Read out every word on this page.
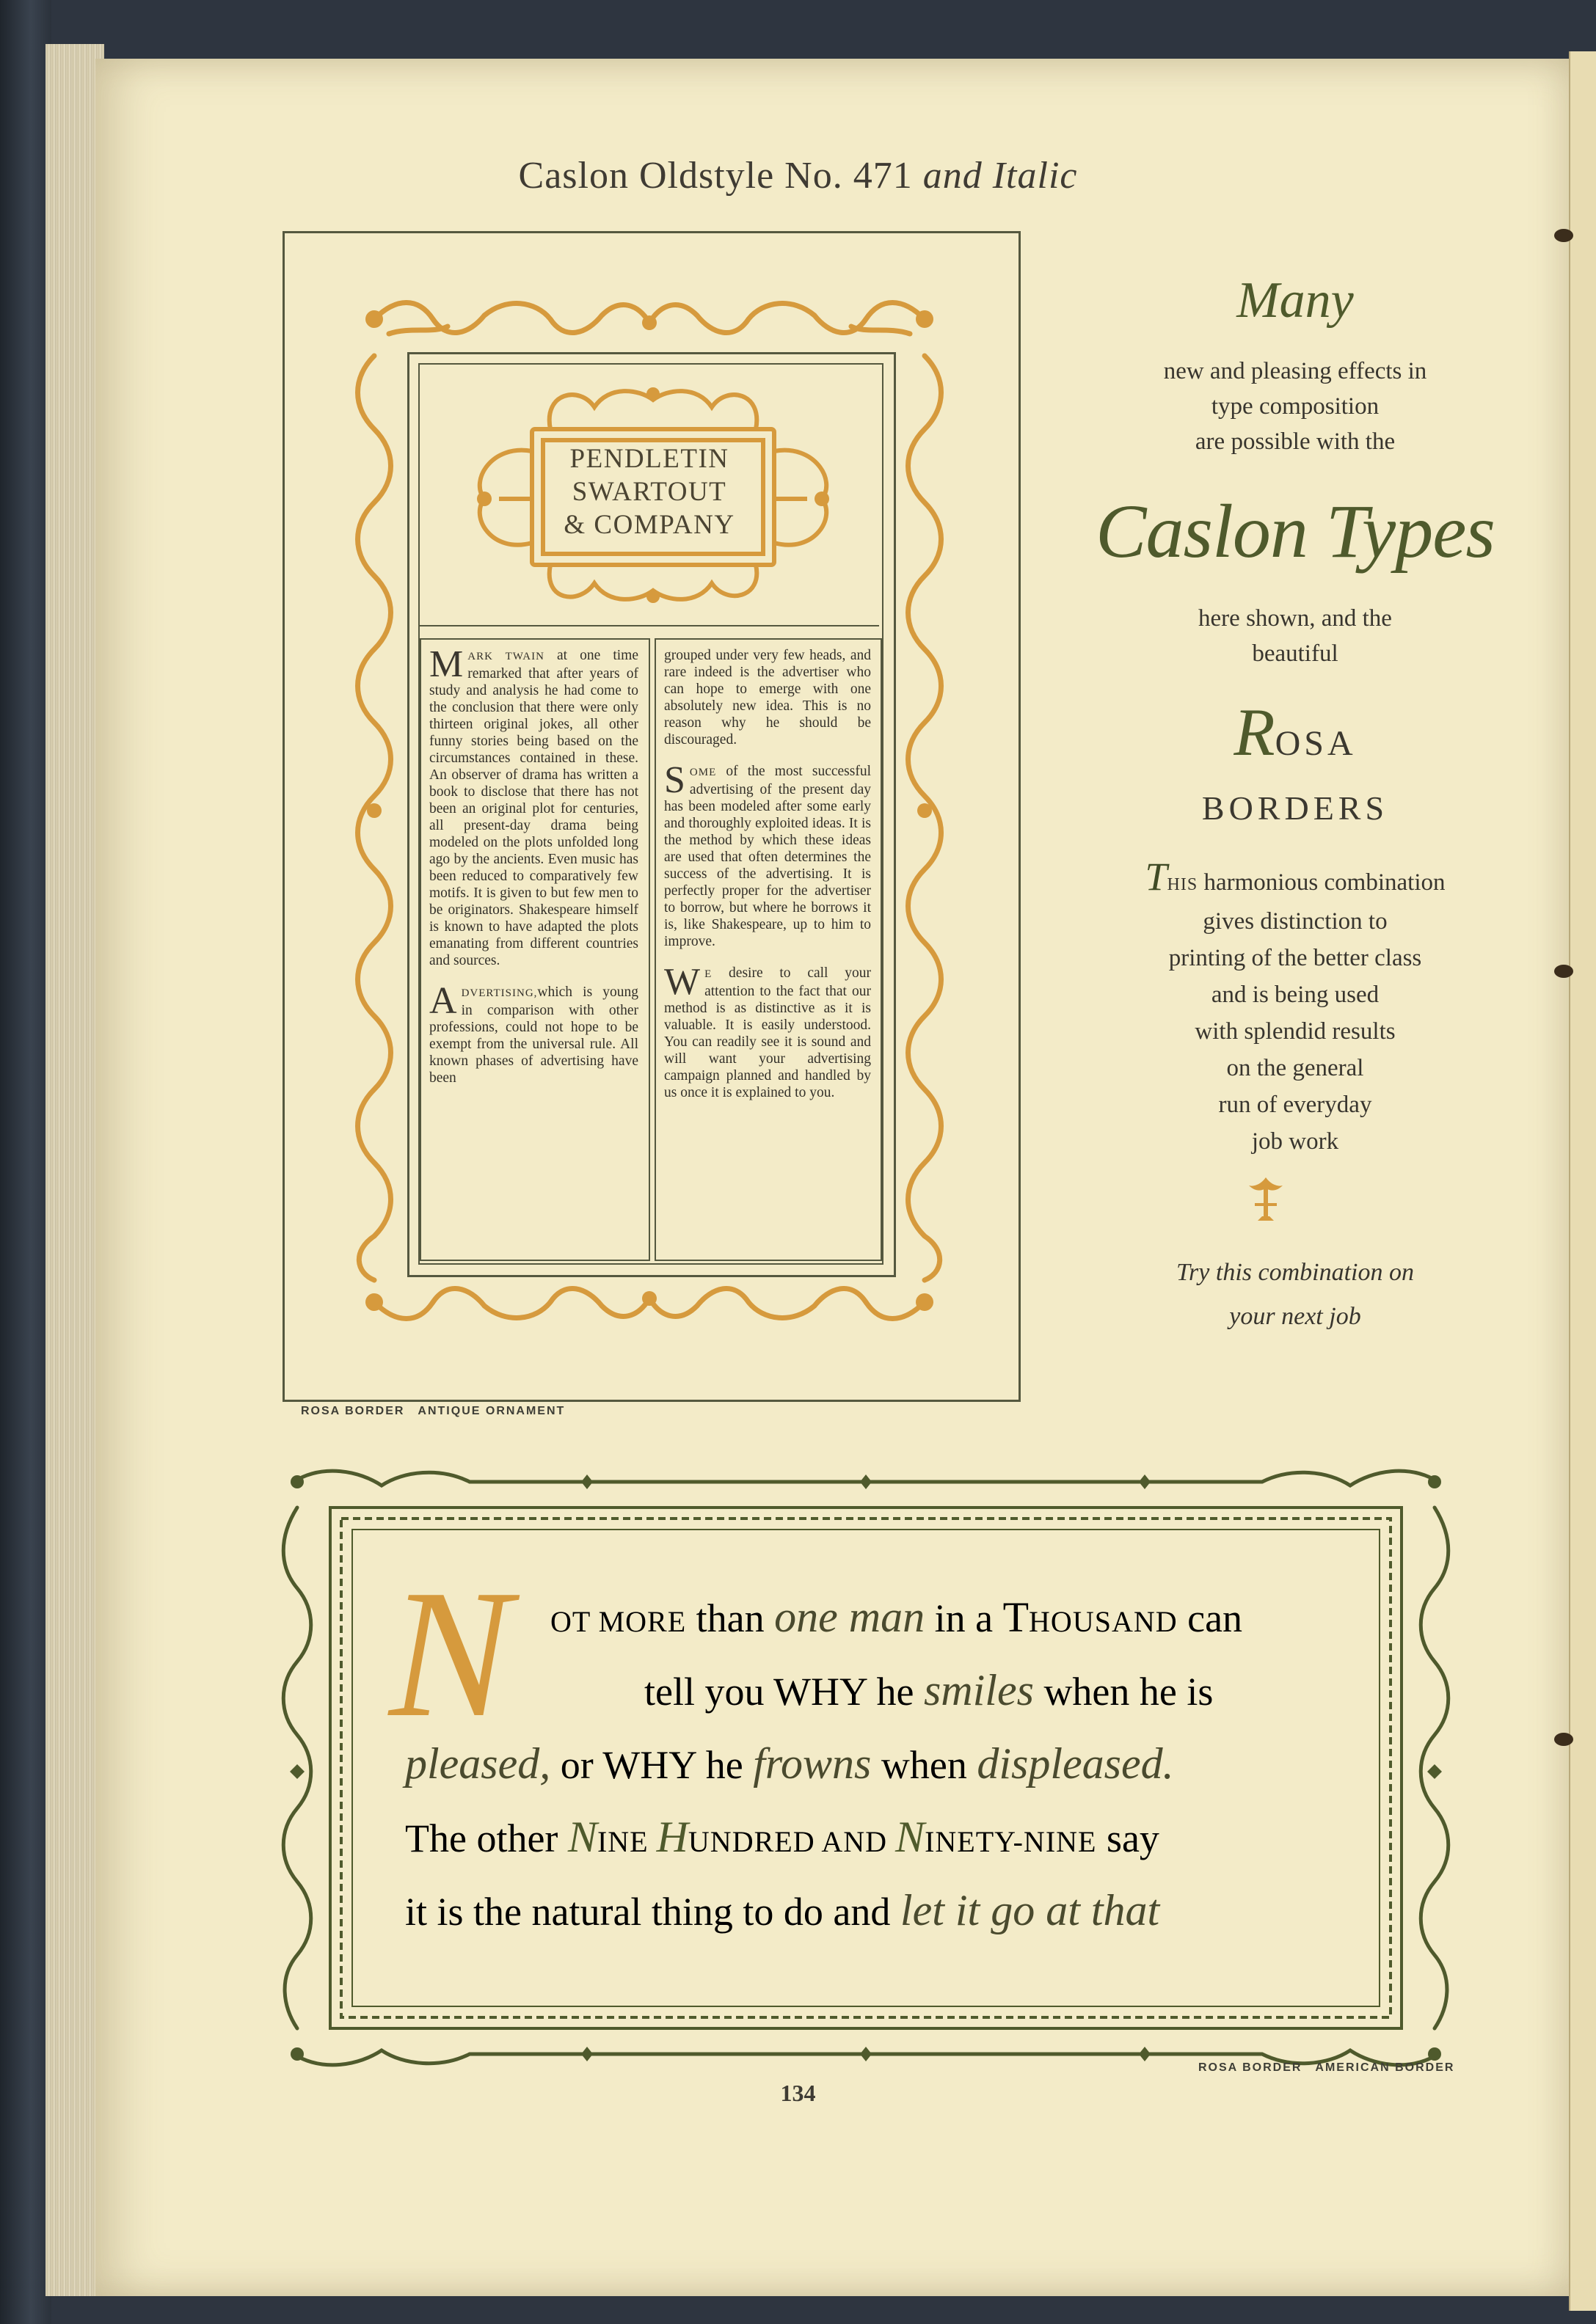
Caslon Oldstyle No. 471 and Italic
PENDLETIN
SWARTOUT
& COMPANY

MARK TWAIN at one time remarked that after years of study and analysis he had come to the conclusion that there were only thirteen original jokes, all other funny stories being based on the circumstances contained in these. An observer of drama has written a book to disclose that there has not been an original plot for centuries, all present-day drama being modeled on the plots unfolded long ago by the ancients. Even music has been reduced to comparatively few motifs. It is given to but few men to be originators. Shakespeare himself is known to have adapted the plots emanating from different countries and sources.

ADVERTISING,which is young in comparison with other professions, could not hope to be exempt from the universal rule. All known phases of advertising have been

grouped under very few heads, and rare indeed is the advertiser who can hope to emerge with one absolutely new idea. This is no reason why he should be discouraged.

SOME of the most successful advertising of the present day has been modeled after some early and thoroughly exploited ideas. It is the method by which these ideas are used that often determines the success of the advertising. It is perfectly proper for the advertiser to borrow, but where he borrows it is, like Shakespeare, up to him to improve.

W E desire to call your attention to the fact that our method is as distinctive as it is valuable. It is easily understood. You can readily see it is sound and will want your advertising campaign planned and handled by us once it is explained to you.

ROSA BORDER ANTIQUE ORNAMENT
Many
new and pleasing effects in
type composition
are possible with the
Caslon Types
here shown, and the
beautiful
ROSA
BORDERS
THIS harmonious combination
gives distinction to
printing of the better class
and is being used
with splendid results
on the general
run of everyday
job work
Try this combination on
your next job
N OT MORE than one man in a THOUSAND can
tell you WHY he smiles when he is
pleased, or WHY he frowns when displeased.
The other NINE HUNDRED AND NINETY-NINE say
it is the natural thing to do and let it go at that
ROSA BORDER AMERICAN BORDER
134
